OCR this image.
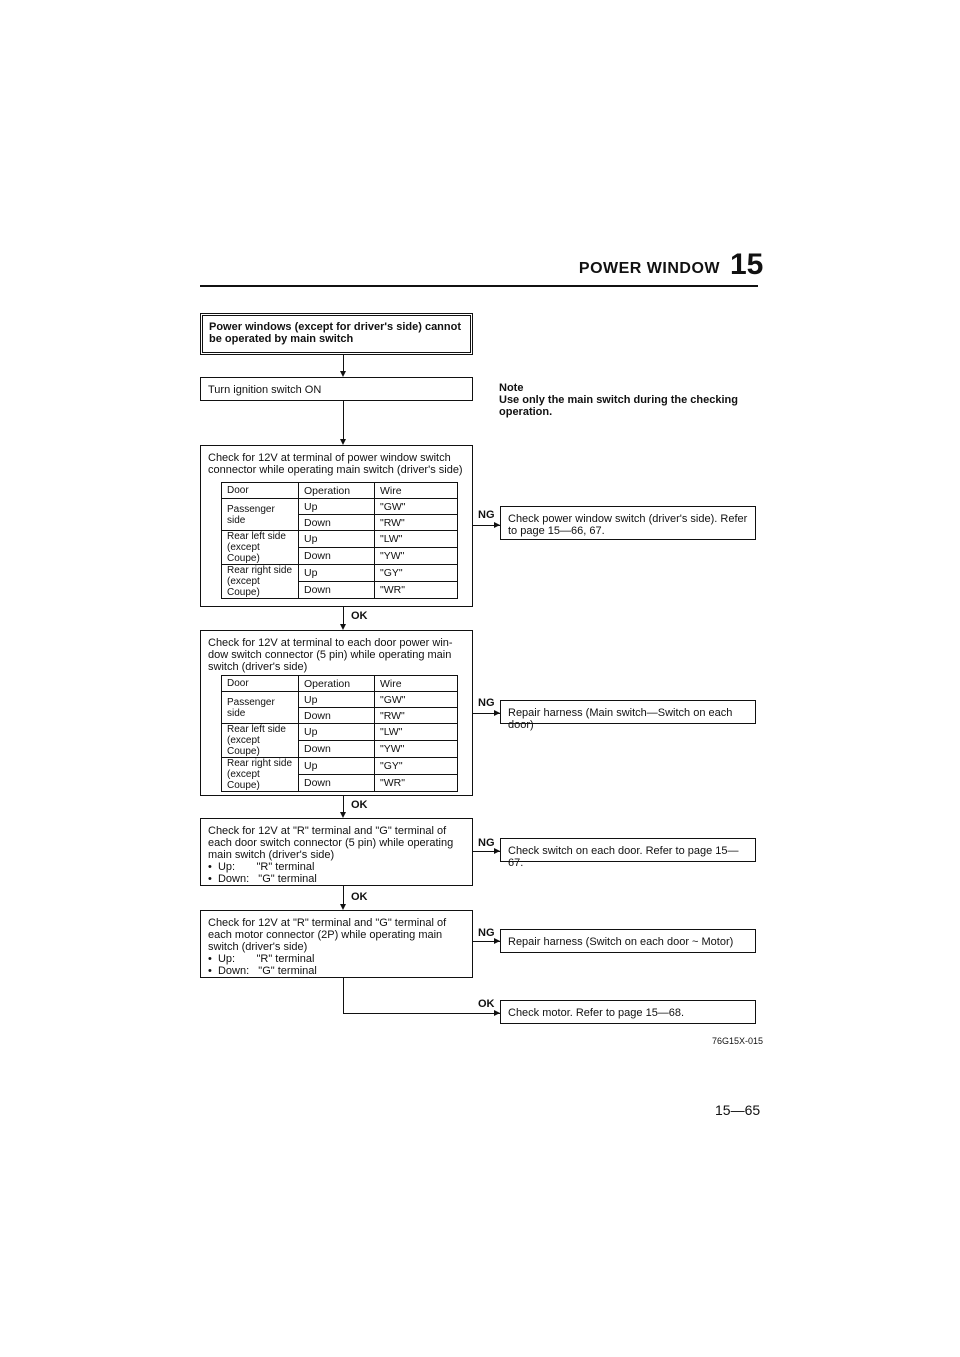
POWER WINDOW 15
Power windows (except for driver's side) cannot be operated by main switch
Turn ignition switch ON	Note
Use only the main switch during the checking operation.
Check for 12V at terminal of power window switch connector while operating main switch (driver's side)
Door	Operation	Wire
Passenger side	Up	"GW"
	Down	"RW"
Rear left side (except Coupe)	Up	"LW"
	Down	"YW"
Rear right side (except Coupe)	Up	"GY"
	Down	"WR"
NG	Check power window switch (driver's side). Refer to page 15—66, 67.
OK
Check for 12V at terminal to each door power win- dow switch connector (5 pin) while operating main switch (driver's side)
Door	Operation	Wire
Passenger side	Up	"GW"
	Down	"RW"
Rear left side (except Coupe)	Up	"LW"
	Down	"YW"
Rear right side (except Coupe)	Up	"GY"
	Down	"WR"
NG
Repair harness (Main switch—Switch on each door)
OK
Check for 12V at "R" terminal and "G" terminal of each door switch connector (5 pin) while operating main switch (driver's side)
•  Up:       "R" terminal
•  Down:   "G" terminal
NG
Check switch on each door. Refer to page 15—67.
OK
Check for 12V at "R" terminal and "G" terminal of each motor connector (2P) while operating main switch (driver's side)
•  Up:       "R" terminal
•  Down:   "G" terminal
NG
Repair harness (Switch on each door ~ Motor)
OK
Check motor. Refer to page 15—68.
76G15X-015
15—65
